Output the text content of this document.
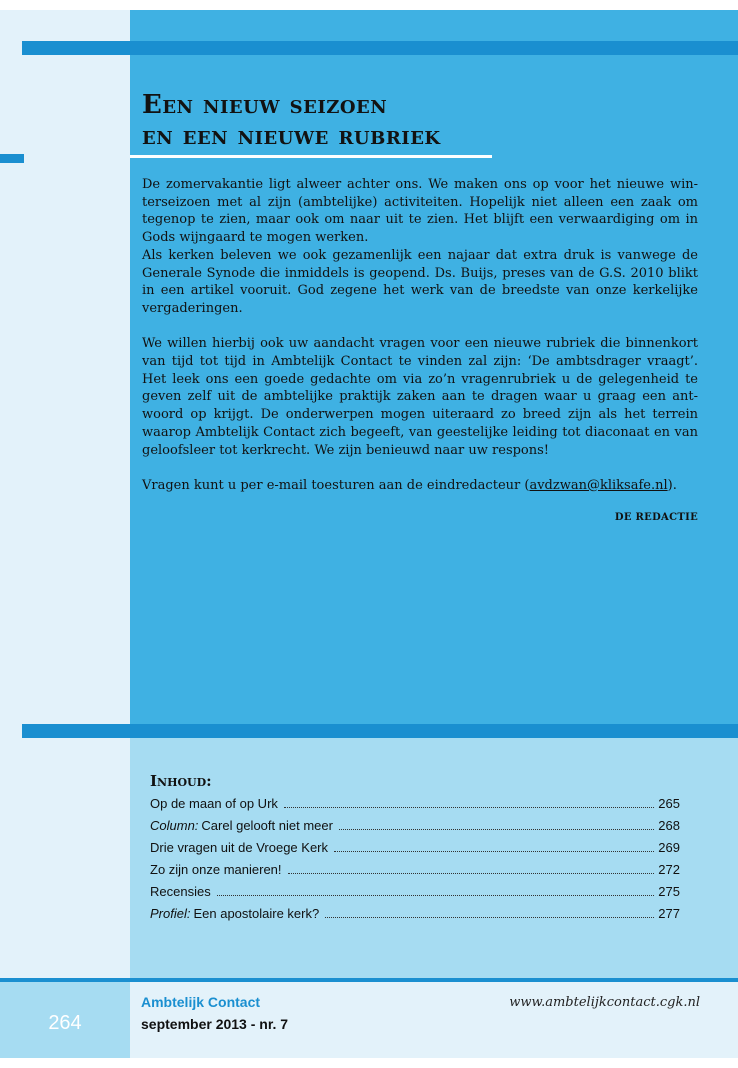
Een nieuw seizoen
en een nieuwe rubriek

De zomervakantie ligt alweer achter ons. We maken ons op voor het nieuwe win-terseizoen met al zijn (ambtelijke) activiteiten. Hopelijk niet alleen een zaak om tegenop te zien, maar ook om naar uit te zien. Het blijft een verwaardiging om in Gods wijngaard te mogen werken.

Als kerken beleven we ook gezamenlijk een najaar dat extra druk is vanwege de Generale Synode die inmiddels is geopend. Ds. Buijs, preses van de G.S. 2010 blikt in een artikel vooruit. God zegene het werk van de breedste van onze kerkelijke vergaderingen.

We willen hierbij ook uw aandacht vragen voor een nieuwe rubriek die binnenkort van tijd tot tijd in Ambtelijk Contact te vinden zal zijn: ‘De ambtsdrager vraagt’. Het leek ons een goede gedachte om via zo’n vragenrubriek u de gelegenheid te geven zelf uit de ambtelijke praktijk zaken aan te dragen waar u graag een ant-woord op krijgt. De onderwerpen mogen uiteraard zo breed zijn als het terrein waarop Ambtelijk Contact zich begeeft, van geestelijke leiding tot diaconaat en van geloofsleer tot kerkrecht. We zijn benieuwd naar uw respons!

Vragen kunt u per e-mail toesturen aan de eindredacteur (avdzwan@kliksafe.nl).

DE REDACTIE
Inhoud:
Op de maan of op Urk	265
Column: Carel gelooft niet meer	268
Drie vragen uit de Vroege Kerk	269
Zo zijn onze manieren!	272
Recensies	275
Profiel: Een apostolaire kerk?	277
264
Ambtelijk Contact
september 2013 - nr. 7
www.ambtelijkcontact.cgk.nl
